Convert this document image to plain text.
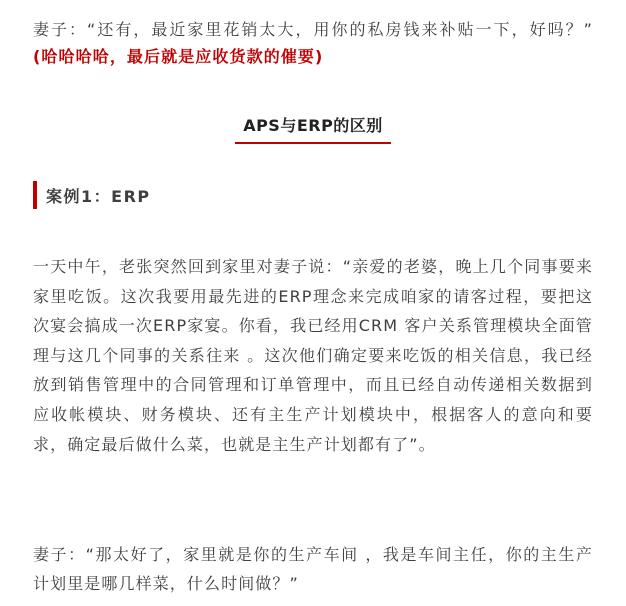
妻子：“还有，最近家里花销太大，用你的私房钱来补贴一下，好吗？” (哈哈哈哈，最后就是应收货款的催要)

APS与ERP的区别
案例1：ERP

一天中午，老张突然回到家里对妻子说：“亲爱的老婆，晚上几个同事要来家里吃饭。这次我要用最先进的ERP理念来完成咱家的请客过程，要把这次宴会搞成一次ERP家宴。你看，我已经用CRM 客户关系管理模块全面管理与这几个同事的关系往来 。这次他们确定要来吃饭的相关信息，我已经放到销售管理中的合同管理和订单管理中，而且已经自动传递相关数据到应收帐模块、财务模块、还有主生产计划模块中，根据客人的意向和要求，确定最后做什么菜，也就是主生产计划都有了”。

妻子：“那太好了，家里就是你的生产车间 ，我是车间主任，你的主生产计划里是哪几样菜，什么时间做？”
